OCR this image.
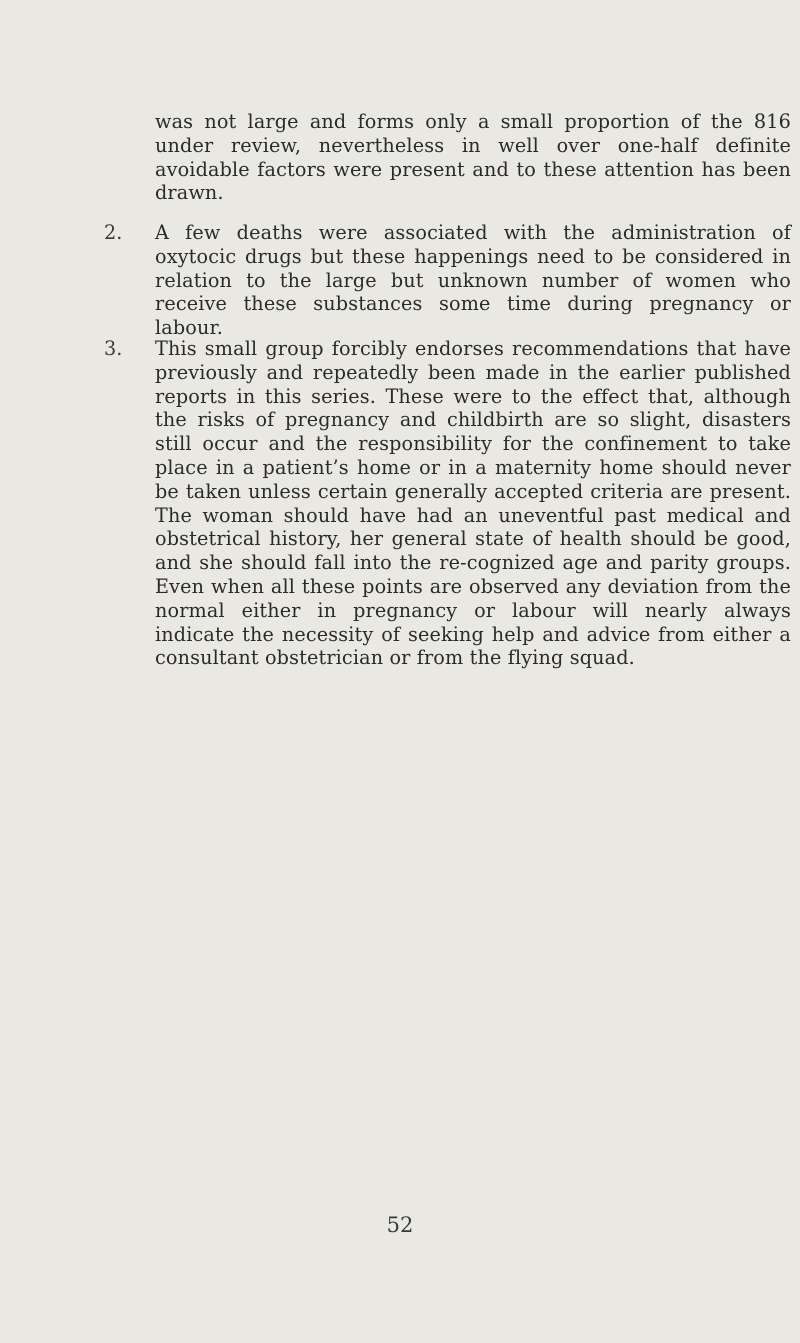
was not large and forms only a small proportion of the 816 under review, nevertheless in well over one-half definite avoidable factors were present and to these attention has been drawn.

2. A few deaths were associated with the administration of oxytocic drugs but these happenings need to be considered in relation to the large but unknown number of women who receive these substances some time during pregnancy or labour.

3. This small group forcibly endorses recommendations that have previously and repeatedly been made in the earlier published reports in this series. These were to the effect that, although the risks of pregnancy and childbirth are so slight, disasters still occur and the responsibility for the confinement to take place in a patient’s home or in a maternity home should never be taken unless certain generally accepted criteria are present. The woman should have had an uneventful past medical and obstetrical history, her general state of health should be good, and she should fall into the re-cognized age and parity groups. Even when all these points are observed any deviation from the normal either in pregnancy or labour will nearly always indicate the necessity of seeking help and advice from either a consultant obstetrician or from the flying squad.

52
